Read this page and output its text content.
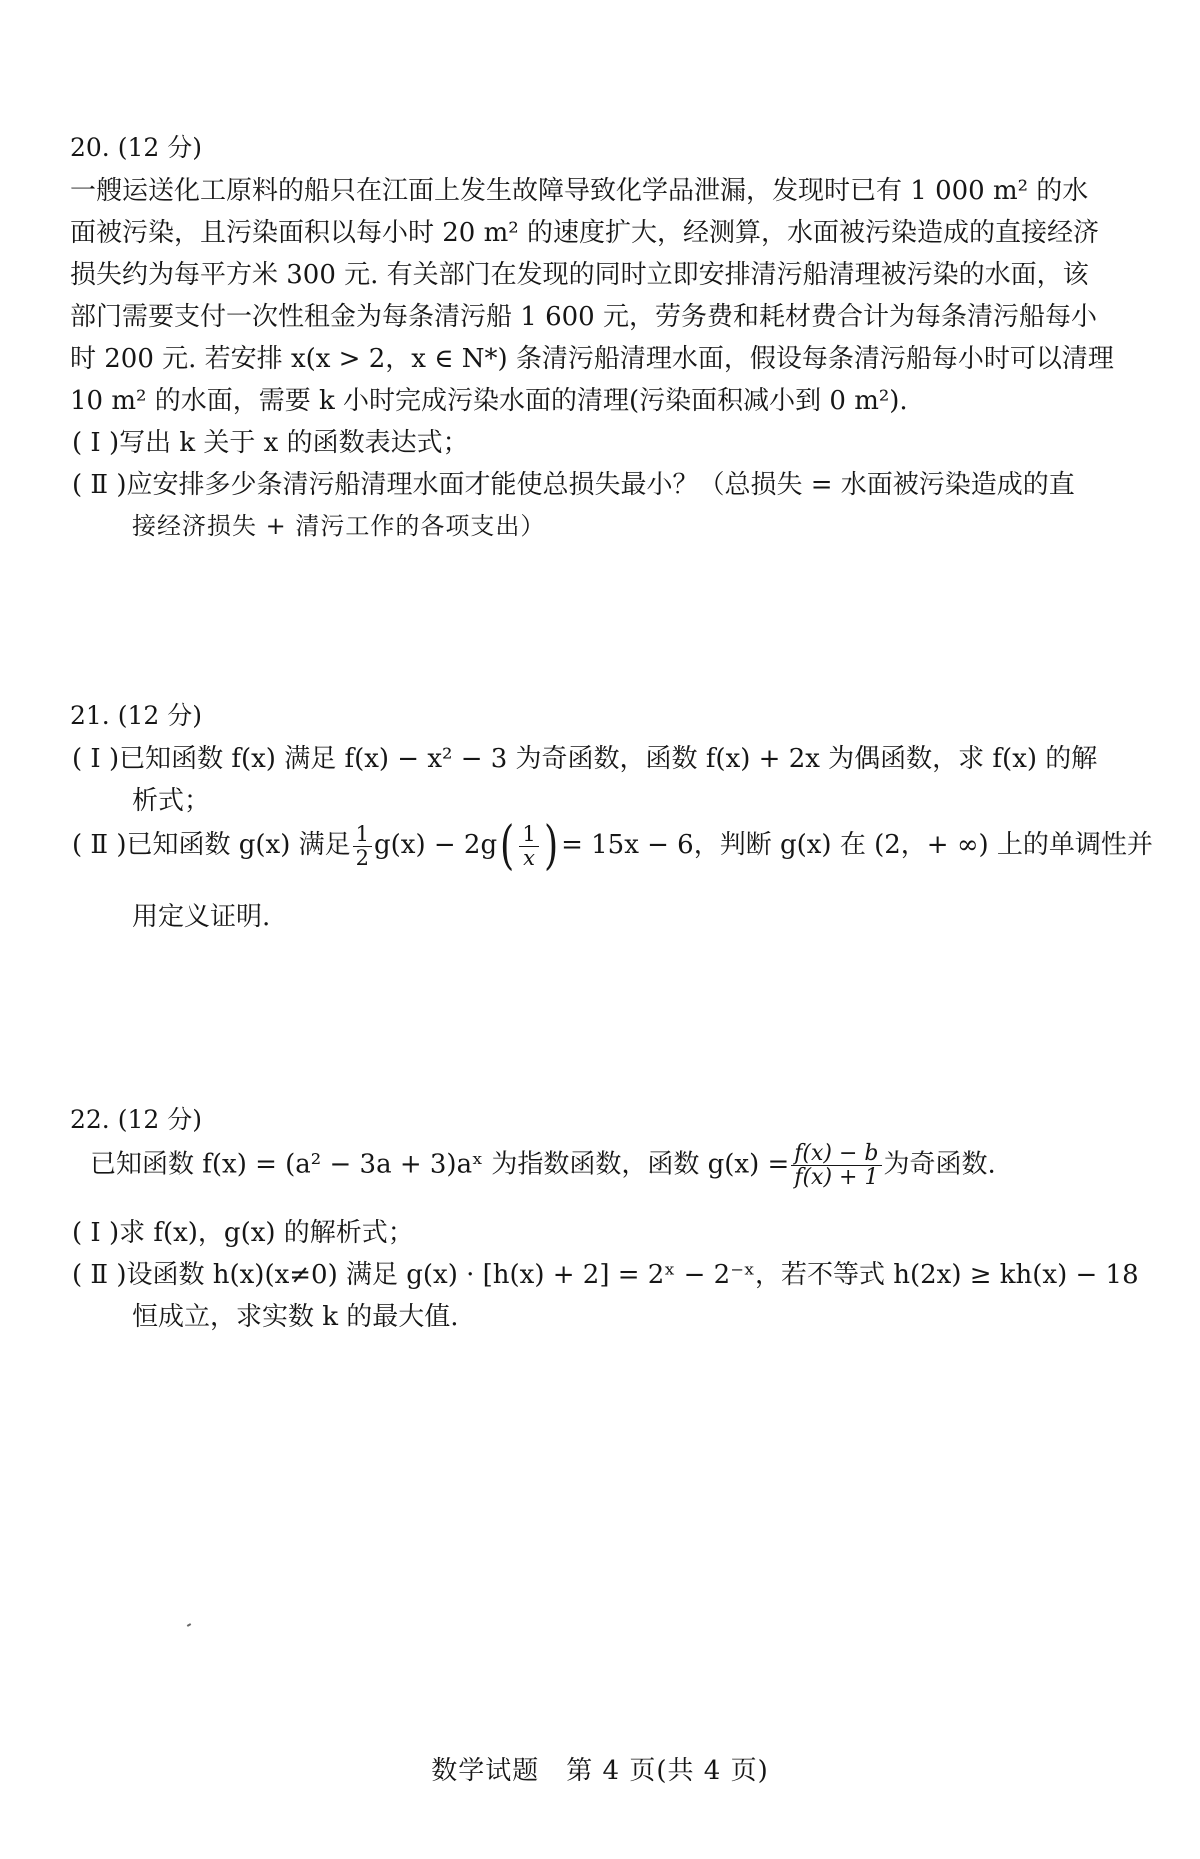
20. (12 分)
一艘运送化工原料的船只在江面上发生故障导致化学品泄漏，发现时已有 1 000 m² 的水
面被污染，且污染面积以每小时 20 m² 的速度扩大，经测算，水面被污染造成的直接经济
损失约为每平方米 300 元. 有关部门在发现的同时立即安排清污船清理被污染的水面，该
部门需要支付一次性租金为每条清污船 1 600 元，劳务费和耗材费合计为每条清污船每小
时 200 元. 若安排 x(x > 2，x ∈ N*) 条清污船清理水面，假设每条清污船每小时可以清理
10 m² 的水面，需要 k 小时完成污染水面的清理(污染面积减小到 0 m²).
( Ⅰ )写出 k 关于 x 的函数表达式；
( Ⅱ )应安排多少条清污船清理水面才能使总损失最小？（总损失 = 水面被污染造成的直
接经济损失 + 清污工作的各项支出）
21. (12 分)
( Ⅰ )已知函数 f(x) 满足 f(x) − x² − 3 为奇函数，函数 f(x) + 2x 为偶函数，求 f(x) 的解
析式；
( Ⅱ )已知函数 g(x) 满足 $\frac{1}{2} g(x) - 2g( \frac{1}{x}$ ) = 15x − 6，判断 g(x) 在 (2，+ ∞) 上的单调性并
用定义证明.
22. (12 分)
已知函数 f(x) = (a² − 3a + 3)aˣ 为指数函数，函数 $g(x) = \frac{f(x) - b}{f(x) + 1}$ 为奇函数.
( Ⅰ )求 f(x)，g(x) 的解析式；
( Ⅱ )设函数 h(x)(x≠0) 满足 g(x) · [h(x) + 2] = 2ˣ − 2⁻ˣ，若不等式 h(2x) ≥ kh(x) − 18
恒成立，求实数 k 的最大值.
数学试题　第 4 页(共 4 页)
